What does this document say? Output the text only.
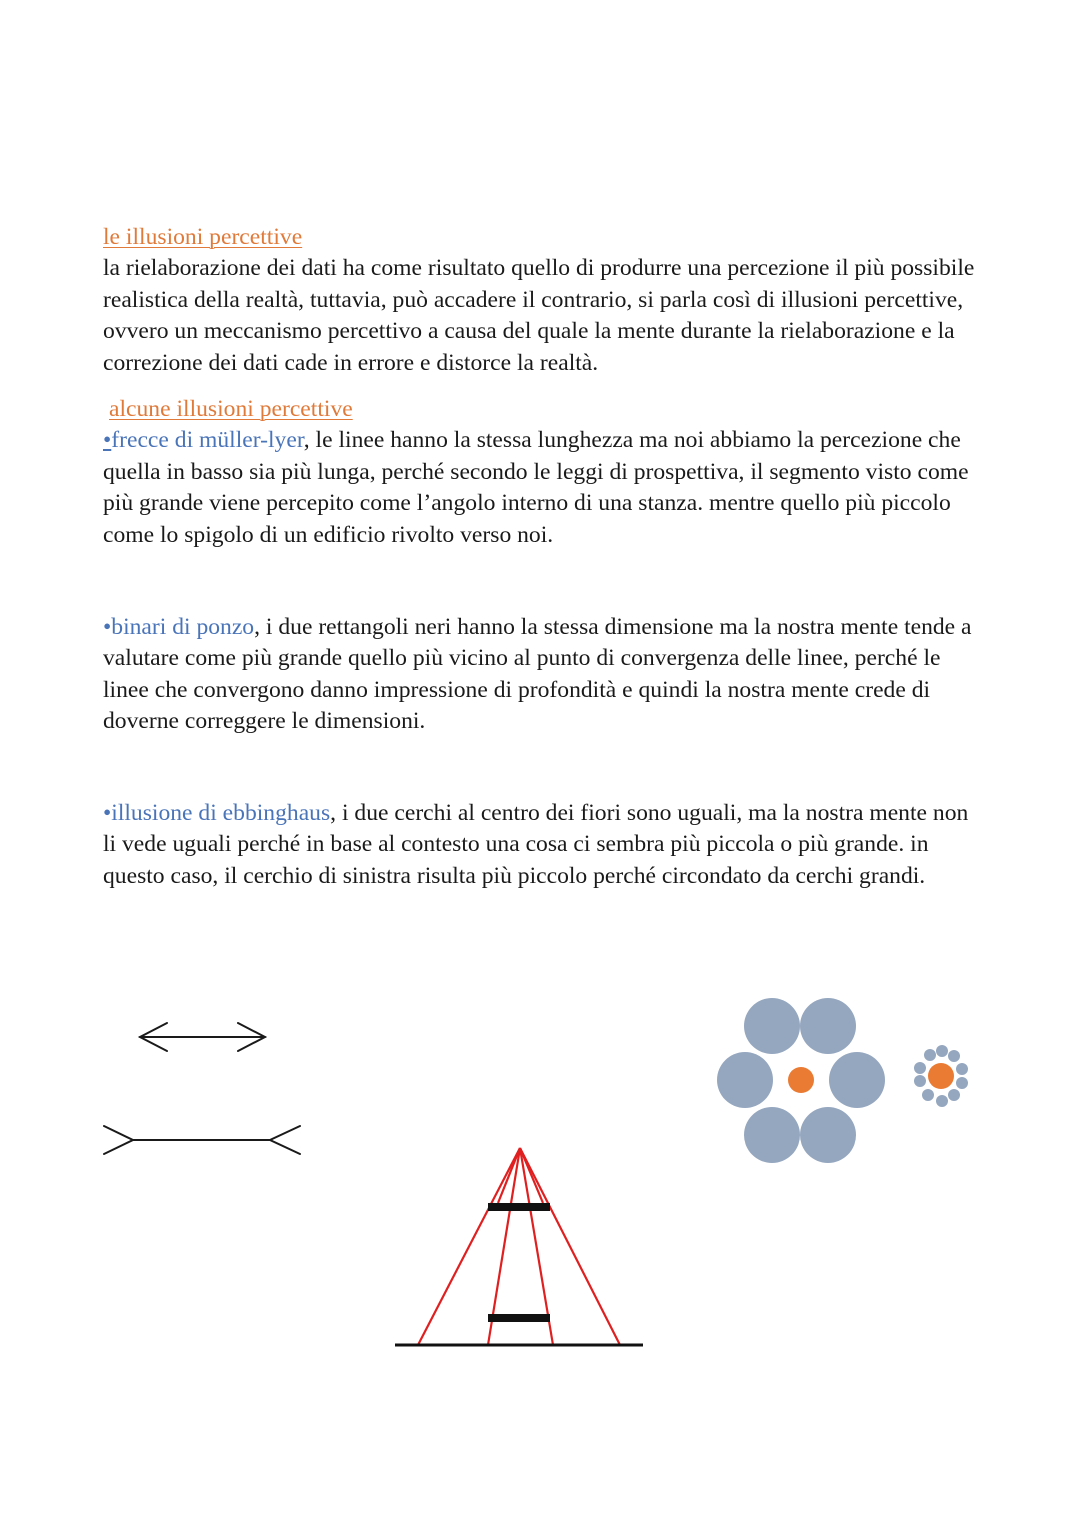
le illusioni percettive

la rielaborazione dei dati ha come risultato quello di produrre una percezione il più possibile realistica della realtà, tuttavia, può accadere il contrario, si parla così di illusioni percettive, ovvero un meccanismo percettivo a causa del quale la mente durante la rielaborazione e la correzione dei dati cade in errore e distorce la realtà.

alcune illusioni percettive

•frecce di müller-lyer, le linee hanno la stessa lunghezza ma noi abbiamo la percezione che quella in basso sia più lunga, perché secondo le leggi di prospettiva, il segmento visto come più grande viene percepito come l’angolo interno di una stanza. mentre quello più piccolo come lo spigolo di un edificio rivolto verso noi.

•binari di ponzo, i due rettangoli neri hanno la stessa dimensione ma la nostra mente tende a valutare come più grande quello più vicino al punto di convergenza delle linee, perché le linee che convergono danno impressione di profondità e quindi la nostra mente crede di doverne correggere le dimensioni.

•illusione di ebbinghaus, i due cerchi al centro dei fiori sono uguali, ma la nostra mente non li vede uguali perché in base al contesto una cosa ci sembra più piccola o più grande. in questo caso, il cerchio di sinistra risulta più piccolo perché circondato da cerchi grandi.
